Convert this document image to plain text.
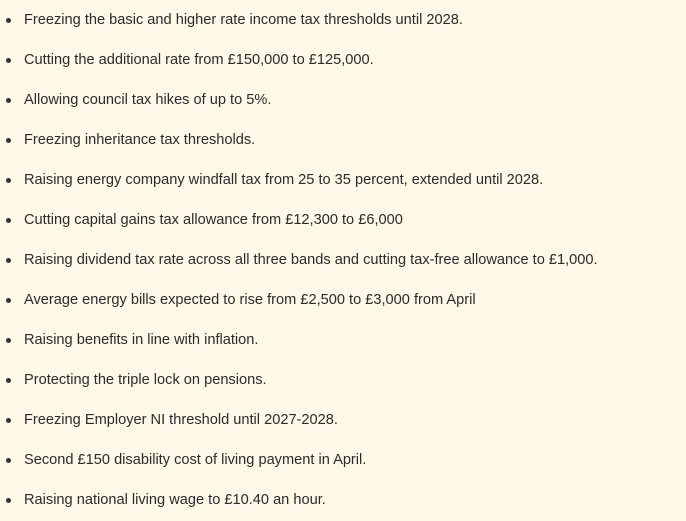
Freezing the basic and higher rate income tax thresholds until 2028.
Cutting the additional rate from £150,000 to £125,000.
Allowing council tax hikes of up to 5%.
Freezing inheritance tax thresholds.
Raising energy company windfall tax from 25 to 35 percent, extended until 2028.
Cutting capital gains tax allowance from £12,300 to £6,000
Raising dividend tax rate across all three bands and cutting tax-free allowance to £1,000.
Average energy bills expected to rise from £2,500 to £3,000 from April
Raising benefits in line with inflation.
Protecting the triple lock on pensions.
Freezing Employer NI threshold until 2027-2028.
Second £150 disability cost of living payment in April.
Raising national living wage to £10.40 an hour.
